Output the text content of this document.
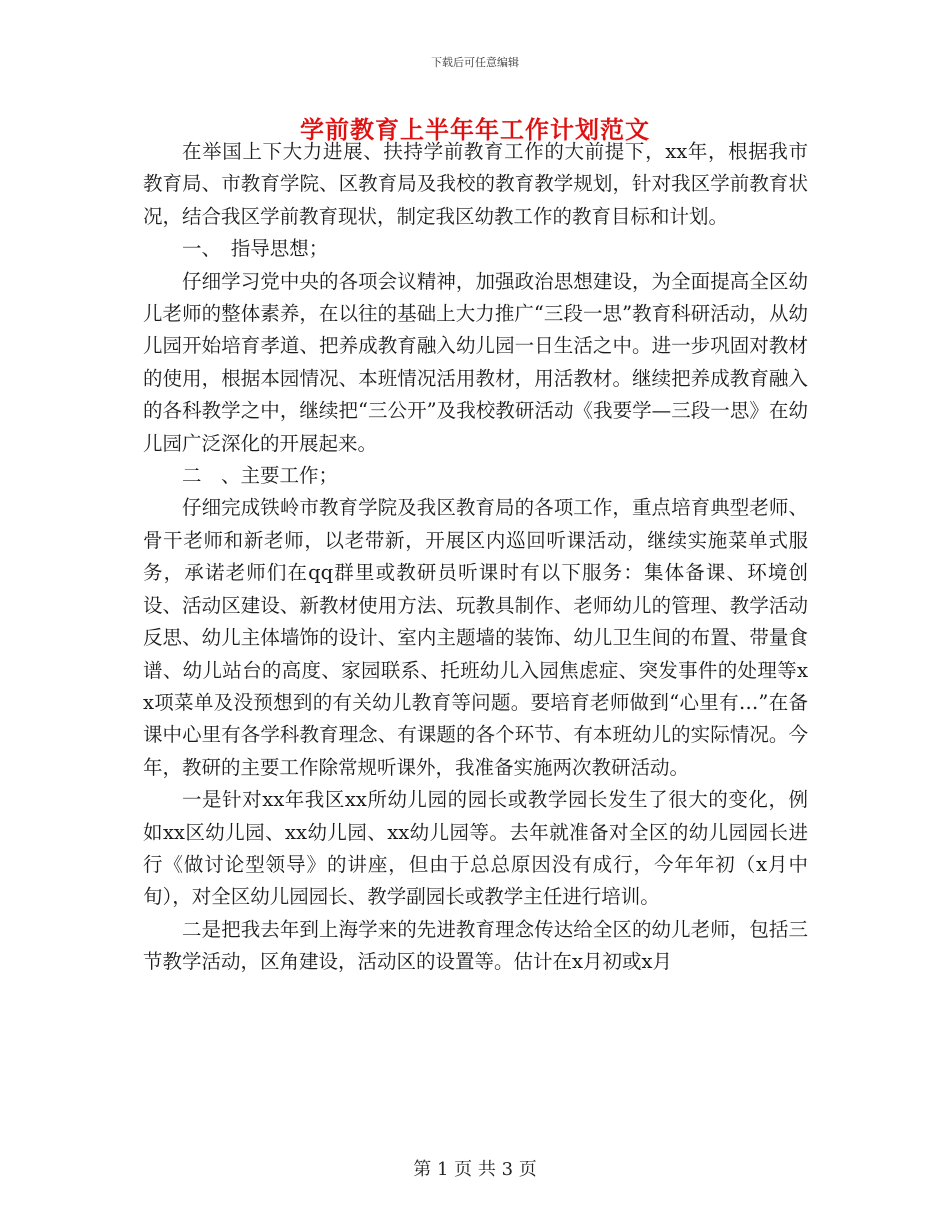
下载后可任意编辑
学前教育上半年年工作计划范文

在举国上下大力进展、扶持学前教育工作的大前提下，xx年，根据我市教育局、市教育学院、区教育局及我校的教育教学规划，针对我区学前教育状况，结合我区学前教育现状，制定我区幼教工作的教育目标和计划。

一、　指导思想；

仔细学习党中央的各项会议精神，加强政治思想建设，为全面提高全区幼儿老师的整体素养，在以往的基础上大力推广“三段一思”教育科研活动，从幼儿园开始培育孝道、把养成教育融入幼儿园一日生活之中。进一步巩固对教材的使用，根据本园情况、本班情况活用教材，用活教材。继续把养成教育融入的各科教学之中，继续把“三公开”及我校教研活动《我要学—三段一思》在幼儿园广泛深化的开展起来。

二　、主要工作；

仔细完成铁岭市教育学院及我区教育局的各项工作，重点培育典型老师、骨干老师和新老师，以老带新，开展区内巡回听课活动，继续实施菜单式服务，承诺老师们在qq群里或教研员听课时有以下服务：集体备课、环境创设、活动区建设、新教材使用方法、玩教具制作、老师幼儿的管理、教学活动反思、幼儿主体墙饰的设计、室内主题墙的装饰、幼儿卫生间的布置、带量食谱、幼儿站台的高度、家园联系、托班幼儿入园焦虑症、突发事件的处理等xx项菜单及没预想到的有关幼儿教育等问题。要培育老师做到“心里有…”在备课中心里有各学科教育理念、有课题的各个环节、有本班幼儿的实际情况。今年，教研的主要工作除常规听课外，我准备实施两次教研活动。

一是针对xx年我区xx所幼儿园的园长或教学园长发生了很大的变化，例如xx区幼儿园、xx幼儿园、xx幼儿园等。去年就准备对全区的幼儿园园长进行《做讨论型领导》的讲座，但由于总总原因没有成行，今年年初（x月中旬），对全区幼儿园园长、教学副园长或教学主任进行培训。

二是把我去年到上海学来的先进教育理念传达给全区的幼儿老师，包括三节教学活动，区角建设，活动区的设置等。估计在x月初或x月

第 1 页 共 3 页
